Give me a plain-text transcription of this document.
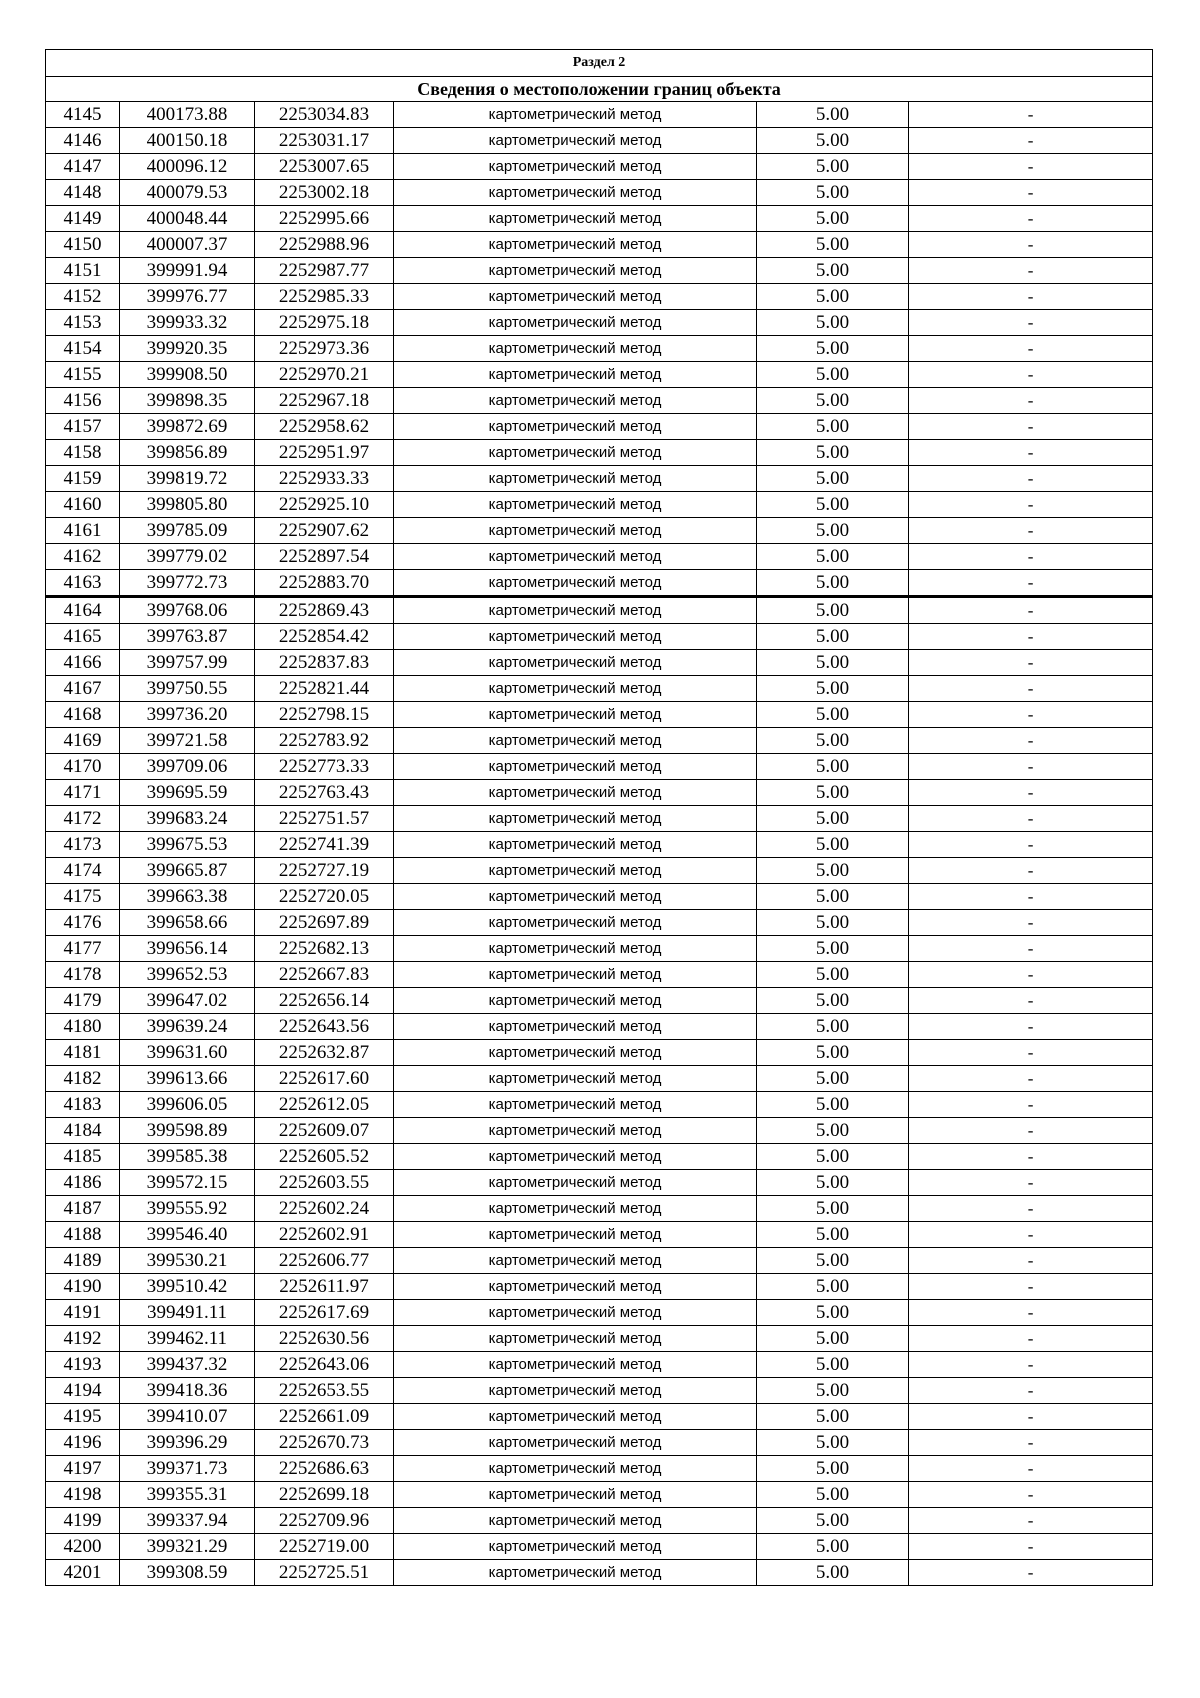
Раздел 2					
Сведения о местоположении границ объекта					
4145	400173.88	2253034.83	картометрический метод	5.00	-
4146	400150.18	2253031.17	картометрический метод	5.00	-
4147	400096.12	2253007.65	картометрический метод	5.00	-
4148	400079.53	2253002.18	картометрический метод	5.00	-
4149	400048.44	2252995.66	картометрический метод	5.00	-
4150	400007.37	2252988.96	картометрический метод	5.00	-
4151	399991.94	2252987.77	картометрический метод	5.00	-
4152	399976.77	2252985.33	картометрический метод	5.00	-
4153	399933.32	2252975.18	картометрический метод	5.00	-
4154	399920.35	2252973.36	картометрический метод	5.00	-
4155	399908.50	2252970.21	картометрический метод	5.00	-
4156	399898.35	2252967.18	картометрический метод	5.00	-
4157	399872.69	2252958.62	картометрический метод	5.00	-
4158	399856.89	2252951.97	картометрический метод	5.00	-
4159	399819.72	2252933.33	картометрический метод	5.00	-
4160	399805.80	2252925.10	картометрический метод	5.00	-
4161	399785.09	2252907.62	картометрический метод	5.00	-
4162	399779.02	2252897.54	картометрический метод	5.00	-
4163	399772.73	2252883.70	картометрический метод	5.00	-
4164	399768.06	2252869.43	картометрический метод	5.00	-
4165	399763.87	2252854.42	картометрический метод	5.00	-
4166	399757.99	2252837.83	картометрический метод	5.00	-
4167	399750.55	2252821.44	картометрический метод	5.00	-
4168	399736.20	2252798.15	картометрический метод	5.00	-
4169	399721.58	2252783.92	картометрический метод	5.00	-
4170	399709.06	2252773.33	картометрический метод	5.00	-
4171	399695.59	2252763.43	картометрический метод	5.00	-
4172	399683.24	2252751.57	картометрический метод	5.00	-
4173	399675.53	2252741.39	картометрический метод	5.00	-
4174	399665.87	2252727.19	картометрический метод	5.00	-
4175	399663.38	2252720.05	картометрический метод	5.00	-
4176	399658.66	2252697.89	картометрический метод	5.00	-
4177	399656.14	2252682.13	картометрический метод	5.00	-
4178	399652.53	2252667.83	картометрический метод	5.00	-
4179	399647.02	2252656.14	картометрический метод	5.00	-
4180	399639.24	2252643.56	картометрический метод	5.00	-
4181	399631.60	2252632.87	картометрический метод	5.00	-
4182	399613.66	2252617.60	картометрический метод	5.00	-
4183	399606.05	2252612.05	картометрический метод	5.00	-
4184	399598.89	2252609.07	картометрический метод	5.00	-
4185	399585.38	2252605.52	картометрический метод	5.00	-
4186	399572.15	2252603.55	картометрический метод	5.00	-
4187	399555.92	2252602.24	картометрический метод	5.00	-
4188	399546.40	2252602.91	картометрический метод	5.00	-
4189	399530.21	2252606.77	картометрический метод	5.00	-
4190	399510.42	2252611.97	картометрический метод	5.00	-
4191	399491.11	2252617.69	картометрический метод	5.00	-
4192	399462.11	2252630.56	картометрический метод	5.00	-
4193	399437.32	2252643.06	картометрический метод	5.00	-
4194	399418.36	2252653.55	картометрический метод	5.00	-
4195	399410.07	2252661.09	картометрический метод	5.00	-
4196	399396.29	2252670.73	картометрический метод	5.00	-
4197	399371.73	2252686.63	картометрический метод	5.00	-
4198	399355.31	2252699.18	картометрический метод	5.00	-
4199	399337.94	2252709.96	картометрический метод	5.00	-
4200	399321.29	2252719.00	картометрический метод	5.00	-
4201	399308.59	2252725.51	картометрический метод	5.00	-
